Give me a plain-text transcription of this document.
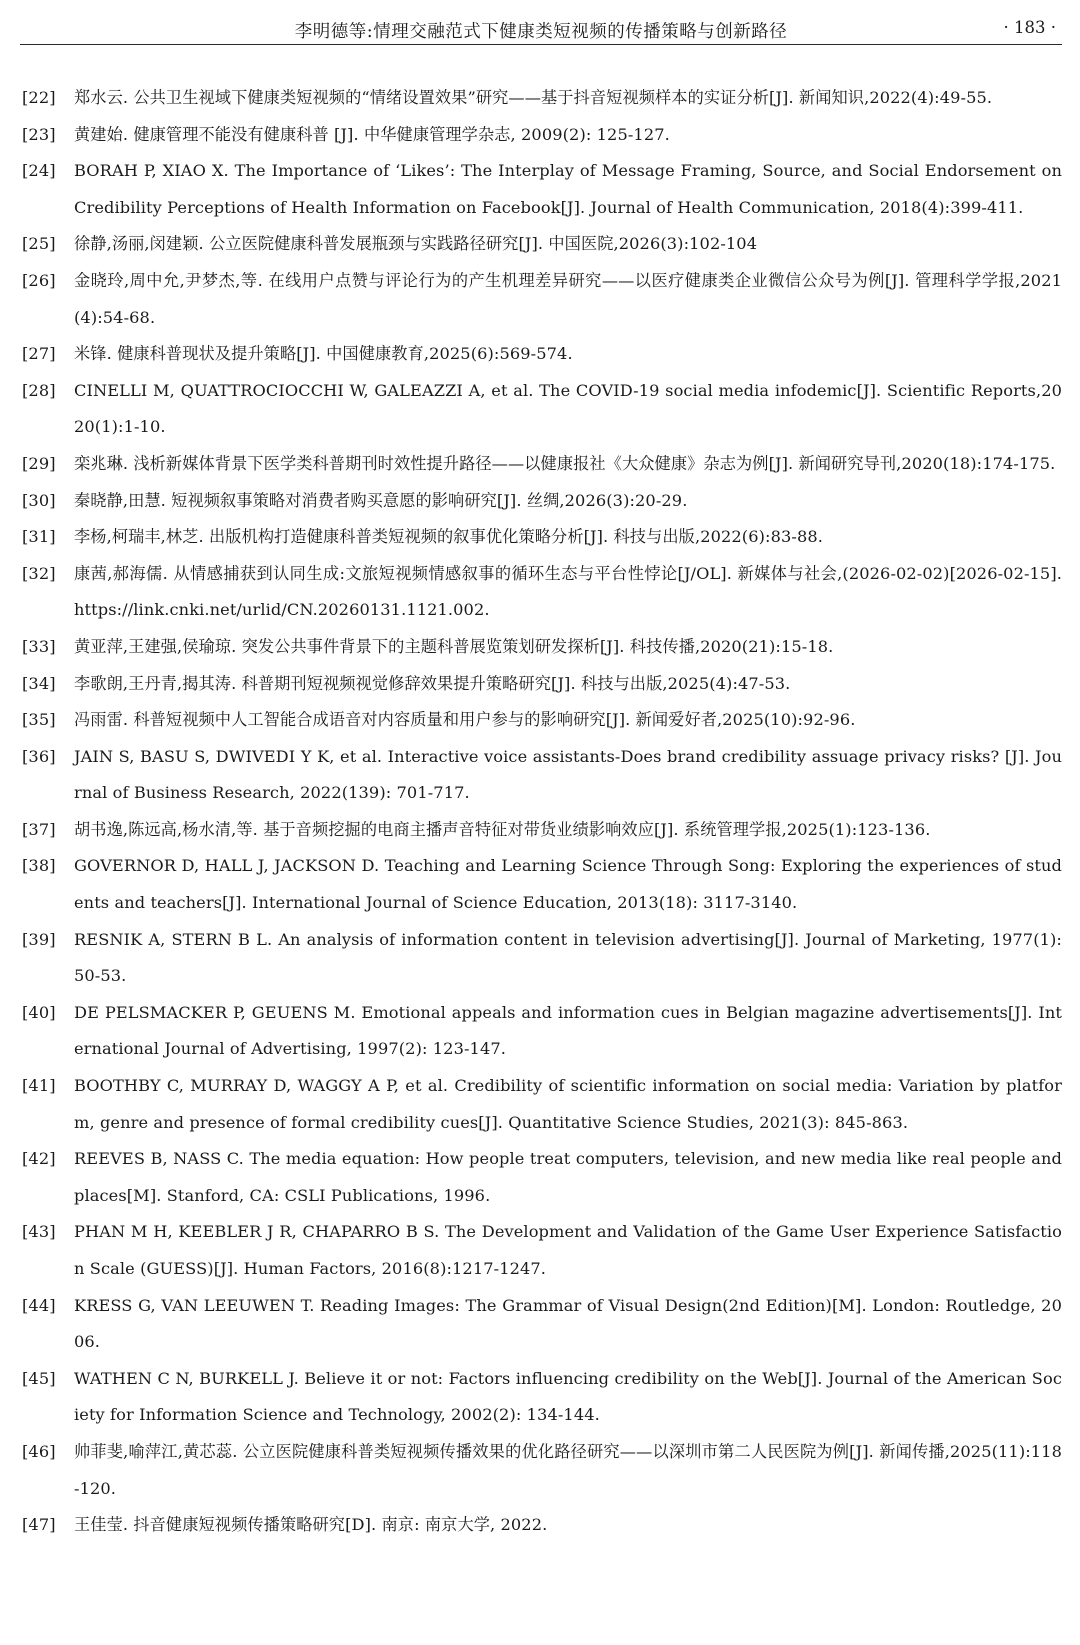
李明德等:情理交融范式下健康类短视频的传播策略与创新路径	· 183 ·
[22] 郑水云. 公共卫生视域下健康类短视频的“情绪设置效果”研究——基于抖音短视频样本的实证分析[J]. 新闻知识,2022(4):49-55.
[23] 黄建始. 健康管理不能没有健康科普 [J]. 中华健康管理学杂志, 2009(2): 125-127.
[24] BORAH P, XIAO X. The Importance of ‘Likes’: The Interplay of Message Framing, Source, and Social Endorsement on Credibility Perceptions of Health Information on Facebook[J]. Journal of Health Communication, 2018(4):399-411.
[25] 徐静,汤丽,闵建颖. 公立医院健康科普发展瓶颈与实践路径研究[J]. 中国医院,2026(3):102-104
[26] 金晓玲,周中允,尹梦杰,等. 在线用户点赞与评论行为的产生机理差异研究——以医疗健康类企业微信公众号为例[J]. 管理科学学报,2021(4):54-68.
[27] 米锋. 健康科普现状及提升策略[J]. 中国健康教育,2025(6):569-574.
[28] CINELLI M, QUATTROCIOCCHI W, GALEAZZI A, et al. The COVID-19 social media infodemic[J]. Scientific Reports,2020(1):1-10.
[29] 栾兆琳. 浅析新媒体背景下医学类科普期刊时效性提升路径——以健康报社《大众健康》杂志为例[J]. 新闻研究导刊,2020(18):174-175.
[30] 秦晓静,田慧. 短视频叙事策略对消费者购买意愿的影响研究[J]. 丝绸,2026(3):20-29.
[31] 李杨,柯瑞丰,林芝. 出版机构打造健康科普类短视频的叙事优化策略分析[J]. 科技与出版,2022(6):83-88.
[32] 康茜,郝海儒. 从情感捕获到认同生成:文旅短视频情感叙事的循环生态与平台性悖论[J/OL]. 新媒体与社会,(2026-02-02)[2026-02-15]. https://link.cnki.net/urlid/CN.20260131.1121.002.
[33] 黄亚萍,王建强,侯瑜琼. 突发公共事件背景下的主题科普展览策划研发探析[J]. 科技传播,2020(21):15-18.
[34] 李歌朗,王丹青,揭其涛. 科普期刊短视频视觉修辞效果提升策略研究[J]. 科技与出版,2025(4):47-53.
[35] 冯雨雷. 科普短视频中人工智能合成语音对内容质量和用户参与的影响研究[J]. 新闻爱好者,2025(10):92-96.
[36] JAIN S, BASU S, DWIVEDI Y K, et al. Interactive voice assistants-Does brand credibility assuage privacy risks? [J]. Journal of Business Research, 2022(139): 701-717.
[37] 胡书逸,陈远高,杨水清,等. 基于音频挖掘的电商主播声音特征对带货业绩影响效应[J]. 系统管理学报,2025(1):123-136.
[38] GOVERNOR D, HALL J, JACKSON D. Teaching and Learning Science Through Song: Exploring the experiences of students and teachers[J]. International Journal of Science Education, 2013(18): 3117-3140.
[39] RESNIK A, STERN B L. An analysis of information content in television advertising[J]. Journal of Marketing, 1977(1): 50-53.
[40] DE PELSMACKER P, GEUENS M. Emotional appeals and information cues in Belgian magazine advertisements[J]. International Journal of Advertising, 1997(2): 123-147.
[41] BOOTHBY C, MURRAY D, WAGGY A P, et al. Credibility of scientific information on social media: Variation by platform, genre and presence of formal credibility cues[J]. Quantitative Science Studies, 2021(3): 845-863.
[42] REEVES B, NASS C. The media equation: How people treat computers, television, and new media like real people and places[M]. Stanford, CA: CSLI Publications, 1996.
[43] PHAN M H, KEEBLER J R, CHAPARRO B S. The Development and Validation of the Game User Experience Satisfaction Scale (GUESS)[J]. Human Factors, 2016(8):1217-1247.
[44] KRESS G, VAN LEEUWEN T. Reading Images: The Grammar of Visual Design(2nd Edition)[M]. London: Routledge, 2006.
[45] WATHEN C N, BURKELL J. Believe it or not: Factors influencing credibility on the Web[J]. Journal of the American Society for Information Science and Technology, 2002(2): 134-144.
[46] 帅菲斐,喻萍江,黄芯蕊. 公立医院健康科普类短视频传播效果的优化路径研究——以深圳市第二人民医院为例[J]. 新闻传播,2025(11):118-120.
[47] 王佳莹. 抖音健康短视频传播策略研究[D]. 南京: 南京大学, 2022.
